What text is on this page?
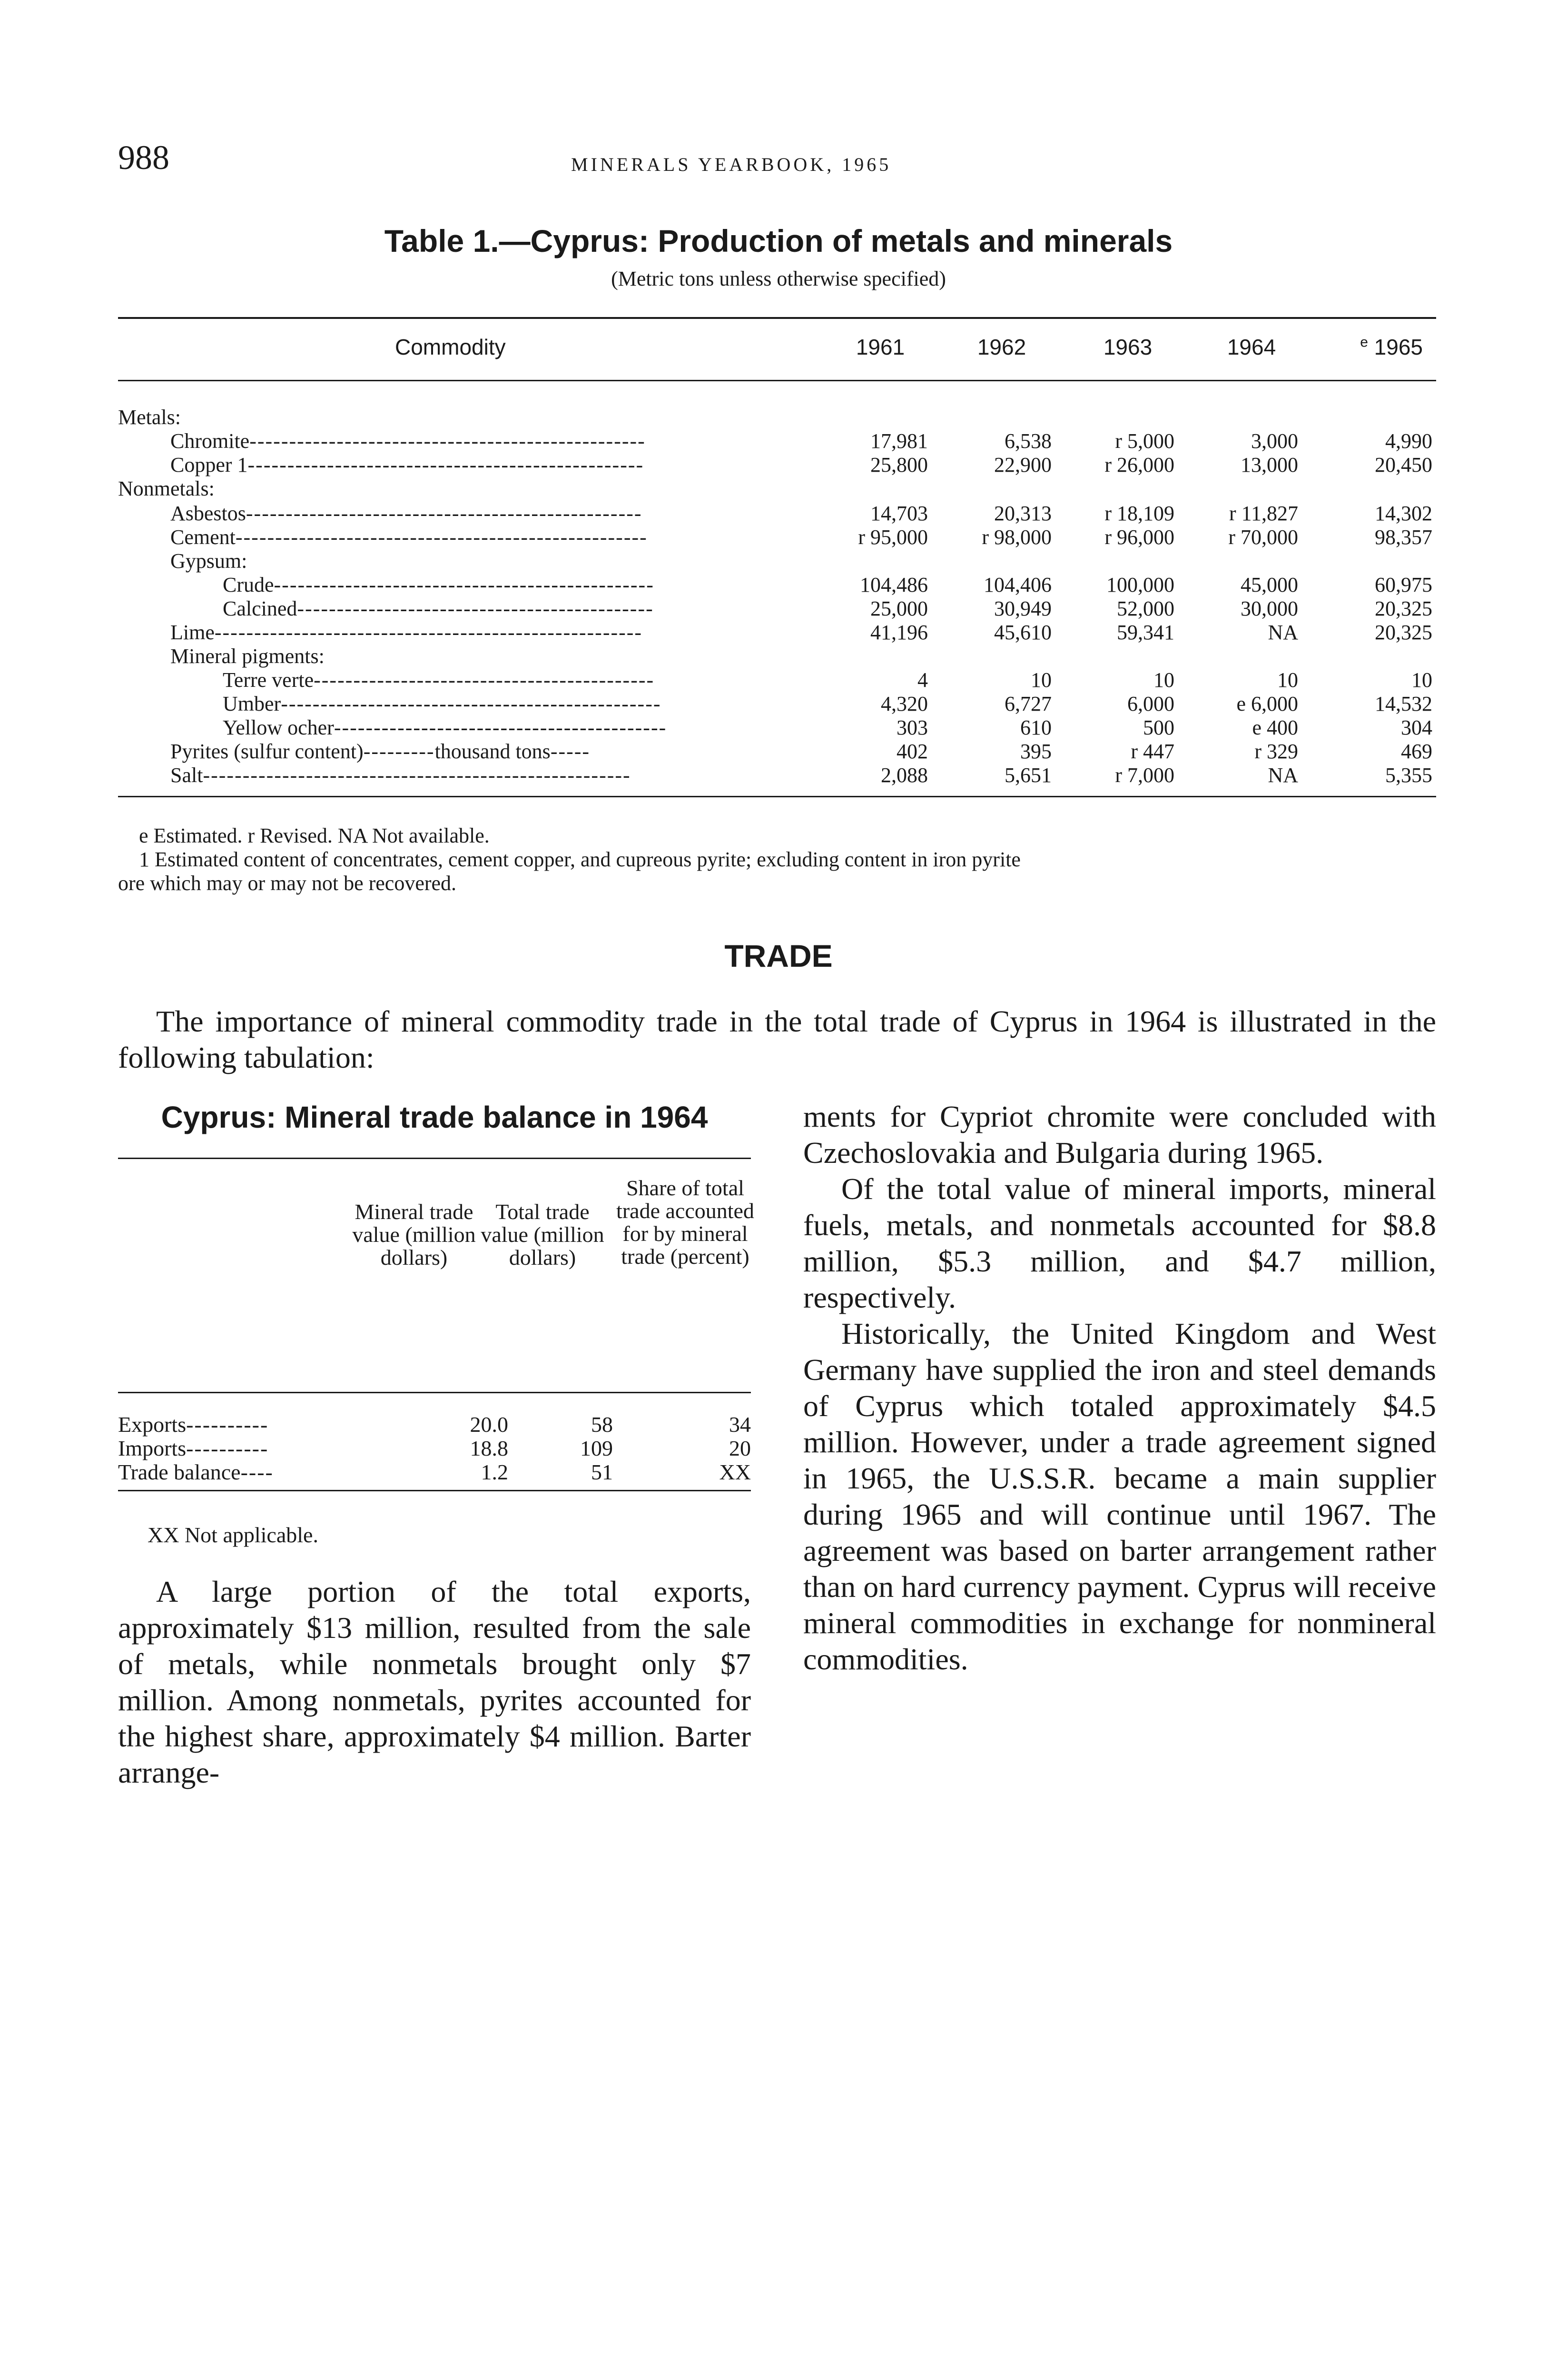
988	MINERALS YEARBOOK, 1965
Table 1.—Cyprus: Production of metals and minerals
(Metric tons unless otherwise specified)
Commodity	1961	1962	1963	1964	$^e$ 1965
Metals:
Chromite--------------------------------------------------	17,981	6,538	r 5,000	3,000	4,990
Copper 1--------------------------------------------------	25,800	22,900	r 26,000	13,000	20,450
Nonmetals:
Asbestos--------------------------------------------------	14,703	20,313	r 18,109	r 11,827	14,302
Cement----------------------------------------------------	r 95,000	r 98,000	r 96,000	r 70,000	98,357
Gypsum:
Crude------------------------------------------------	104,486	104,406	100,000	45,000	60,975
Calcined---------------------------------------------	25,000	30,949	52,000	30,000	20,325
Lime------------------------------------------------------	41,196	45,610	59,341	NA	20,325
Mineral pigments:
Terre verte-------------------------------------------	4	10	10	10	10
Umber------------------------------------------------	4,320	6,727	6,000	e 6,000	14,532
Yellow ocher------------------------------------------	303	610	500	e 400	304
Pyrites (sulfur content)---------thousand tons-----	402	395	r 447	r 329	469
Salt------------------------------------------------------	2,088	5,651	r 7,000	NA	5,355
e Estimated. r Revised. NA Not available.
1 Estimated content of concentrates, cement copper, and cupreous pyrite; excluding content in iron pyrite
ore which may or may not be recovered.
TRADE
The importance of mineral commodity trade in the total trade of Cyprus in 1964 is illustrated in the following tabulation:
Cyprus: Mineral trade balance in 1964
Mineral trade value (million dollars)
Total trade value (million dollars)
Share of total trade accounted for by mineral trade (percent)
Exports----------	20.0	58	34
Imports----------	18.8	109	20
Trade balance----	1.2	51	XX
XX Not applicable.
A large portion of the total exports, approximately $13 million, resulted from the sale of metals, while nonmetals brought only $7 million. Among nonmetals, pyrites accounted for the highest share, approximately $4 million. Barter arrange-

ments for Cypriot chromite were concluded with Czechoslovakia and Bulgaria during 1965.

Of the total value of mineral imports, mineral fuels, metals, and nonmetals accounted for $8.8 million, $5.3 million, and $4.7 million, respectively.

Historically, the United Kingdom and West Germany have supplied the iron and steel demands of Cyprus which totaled approximately $4.5 million. However, under a trade agreement signed in 1965, the U.S.S.R. became a main supplier during 1965 and will continue until 1967. The agreement was based on barter arrangement rather than on hard currency payment. Cyprus will receive mineral commodities in exchange for nonmineral commodities.
